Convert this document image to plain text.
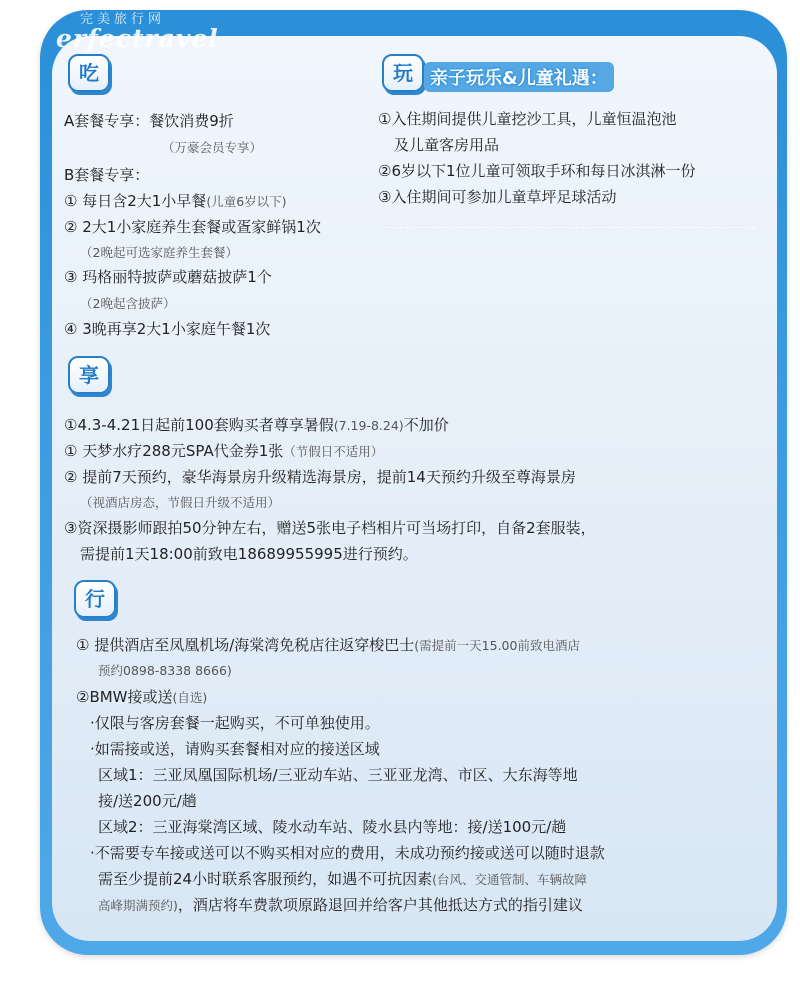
完美旅行网
erfectravel
吃
A套餐专享：餐饮消费9折
（万豪会员专享）
B套餐专享：
① 每日含2大1小早餐(儿童6岁以下)
② 2大1小家庭养生套餐或疍家鲜锅1次
（2晚起可选家庭养生套餐）
③ 玛格丽特披萨或蘑菇披萨1个
（2晚起含披萨）
④ 3晚再享2大1小家庭午餐1次
玩 亲子玩乐&儿童礼遇：
①入住期间提供儿童挖沙工具，儿童恒温泡池
及儿童客房用品
②6岁以下1位儿童可领取手环和每日冰淇淋一份
③入住期间可参加儿童草坪足球活动
享
①4.3-4.21日起前100套购买者尊享暑假(7.19-8.24)不加价
① 天梦水疗288元SPA代金券1张（节假日不适用）
② 提前7天预约，豪华海景房升级精选海景房，提前14天预约升级至尊海景房
（视酒店房态，节假日升级不适用）
③资深摄影师跟拍50分钟左右，赠送5张电子档相片可当场打印，自备2套服装，
需提前1天18:00前致电18689955995进行预约。
行
① 提供酒店至凤凰机场/海棠湾免税店往返穿梭巴士(需提前一天15.00前致电酒店
预约0898-8338 8666)
②BMW接或送(自选)
·仅限与客房套餐一起购买，不可单独使用。
·如需接或送，请购买套餐相对应的接送区域
区域1：三亚凤凰国际机场/三亚动车站、三亚亚龙湾、市区、大东海等地
接/送200元/趟
区域2：三亚海棠湾区域、陵水动车站、陵水县内等地：接/送100元/趟
·不需要专车接或送可以不购买相对应的费用，未成功预约接或送可以随时退款
需至少提前24小时联系客服预约，如遇不可抗因素(台风、交通管制、车辆故障
高峰期满预约)，酒店将车费款项原路退回并给客户其他抵达方式的指引建议
